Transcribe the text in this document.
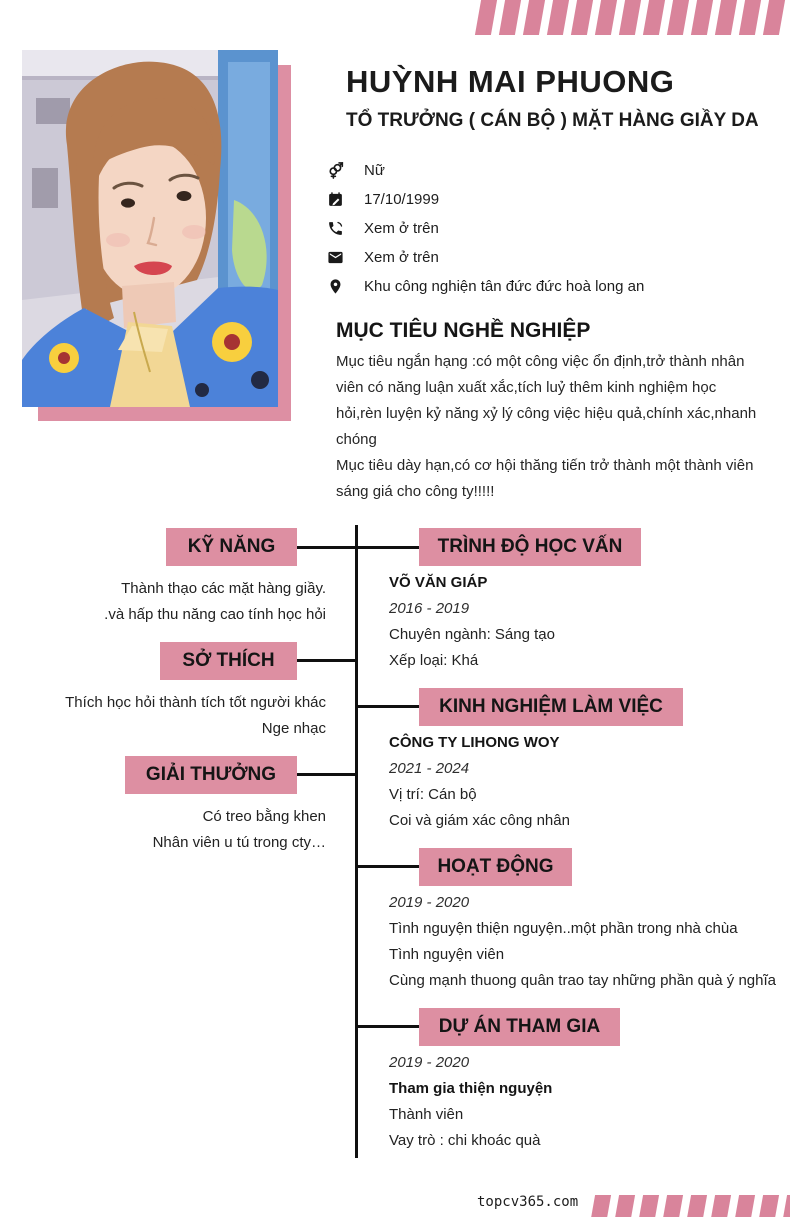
HUỲNH MAI PHUONG
TỔ TRƯỞNG ( CÁN BỘ ) MẶT HÀNG GIẦY DA
Nữ
17/10/1999
Xem ở trên
Xem ở trên
Khu công nghiện tân đức đức hoà long an
MỤC TIÊU NGHỀ NGHIỆP
Mục tiêu ngắn hạng :có một công việc ổn định,trở thành nhân
viên có năng luận xuất xắc,tích luỷ thêm kinh nghiệm học
hỏi,rèn luyện kỷ năng xỷ lý công việc hiệu quả,chính xác,nhanh
chóng
Mục tiêu dày hạn,có cơ hội thăng tiến trở thành một thành viên
sáng giá cho công ty!!!!!
KỸ NĂNG
Thành thạo các mặt hàng giầy.
.và hấp thu năng cao tính học hỏi
SỞ THÍCH
Thích học hỏi thành tích tốt người khác
Nge nhạc
GIẢI THƯỞNG
Có treo bằng khen
Nhân viên u tú trong cty…
TRÌNH ĐỘ HỌC VẤN
VÕ VĂN GIÁP
2016 - 2019
Chuyên ngành: Sáng tạo
Xếp loại: Khá
KINH NGHIỆM LÀM VIỆC
CÔNG TY LIHONG WOY
2021 - 2024
Vị trí: Cán bộ
Coi và giám xác công nhân
HOẠT ĐỘNG
2019 - 2020
Tình nguyện thiện nguyện..một phần trong nhà chùa
Tình nguyện viên
Cùng mạnh thuong quân trao tay những phần quà ý nghĩa
DỰ ÁN THAM GIA
2019 - 2020
Tham gia thiện nguyện
Thành viên
Vay trò : chi khoác quà
topcv365.com
